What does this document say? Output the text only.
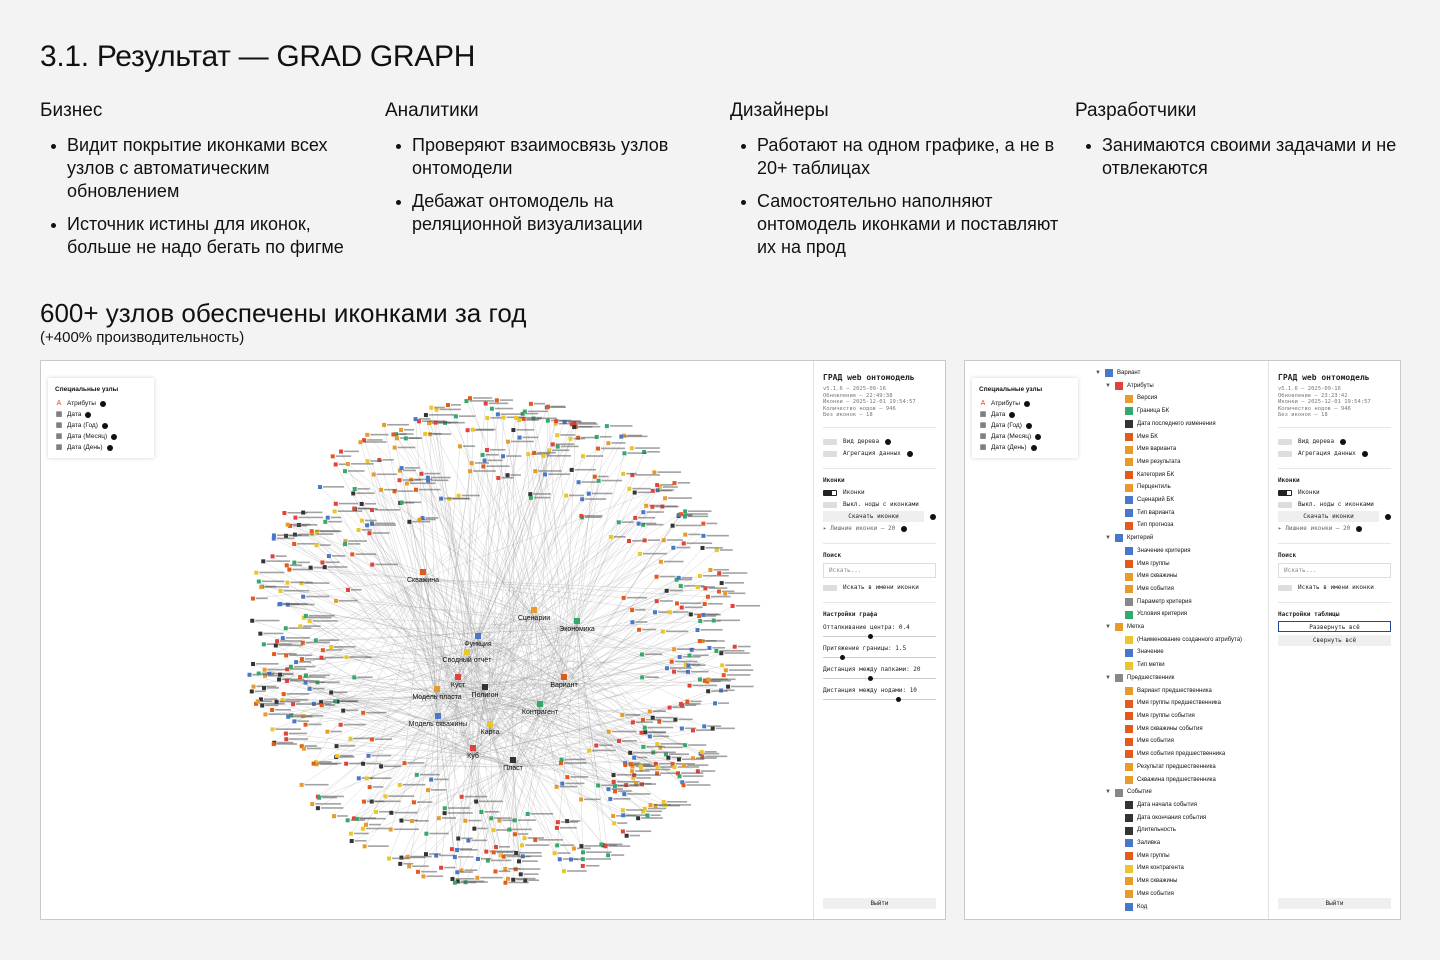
3.1. Результат — GRAD GRAPH
Бизнес
Видит покрытие иконками всех узлов с автоматическим обновлением
Источник истины для иконок, больше не надо бегать по фигме
Аналитики
Проверяют взаимосвязь узлов онтомодели
Дебажат онтомодель на реляционной визуализации
Дизайнеры
Работают на одном графике, а не в 20+ таблицах
Самостоятельно наполняют онтомодель иконками и поставляют их на прод
Разработчики
Занимаются своими задачами и не отвлекаются
600+ узлов обеспечены иконками за год
(+400% производительность)
Скважина
Сценарии
Экономика
Функция
Сводный отчёт
Куст
Полигон
Вариант
Модель пласта
Контрагент
Модель скважины
Карта
Куб
Пласт
Специальные узлы
A Атрибуты
▦ Дата
▦ Дата (Год)
▦ Дата (Месяц)
▦ Дата (День)
ГРАД web онтомодель
v5.1.6 — 2025-09-16
Обновление — 22:49:38
Иконки — 2025-12-01 19:54:57
Количество нодов — 946
Без иконок — 18
Вид дерева
Агрегация данных
Иконки
Иконки
Выкл. ноды с иконками
Скачать иконки
▸ Лишние иконки — 20
Поиск
Искать...
Искать в имени иконки
Настройки графа
Отталкивание центра: 0.4
Притяжение границы: 1.5
Дистанция между папками: 20
Дистанция между нодами: 10
Выйти
Специальные узлы
A Атрибуты
▦ Дата
▦ Дата (Год)
▦ Дата (Месяц)
▦ Дата (День)
▼	Вариант
▼	Атрибуты
Версия
Граница БК
Дата последнего изменения
Имя БК
Имя варианта
Имя результата
Категория БК
Перцентиль
Сценарий БК
Тип варианта
Тип прогноза
▼	Критерий
Значение критерия
Имя группы
Имя скважины
Имя события
Параметр критерия
Условия критерия
▼	Метка
(Наименование созданного атрибута)
Значение
Тип метки
▼	Предшественник
Вариант предшественника
Имя группы предшественника
Имя группы события
Имя скважины события
Имя события
Имя события предшественника
Результат предшественника
Скважина предшественника
▼	Событие
Дата начала события
Дата окончания события
Длительность
Заливка
Имя группы
Имя контрагента
Имя скважины
Имя события
Код
ГРАД web онтомодель
v5.1.6 — 2025-09-16
Обновление — 23:23:42
Иконки — 2025-12-01 19:54:57
Количество нодов — 946
Без иконок — 18
Вид дерева
Агрегация данных
Иконки
Иконки
Выкл. ноды с иконками
Скачать иконки
▸ Лишние иконки — 20
Поиск
Искать...
Искать в имени иконки
Настройки таблицы
Развернуть всё
Свернуть всё
Выйти
